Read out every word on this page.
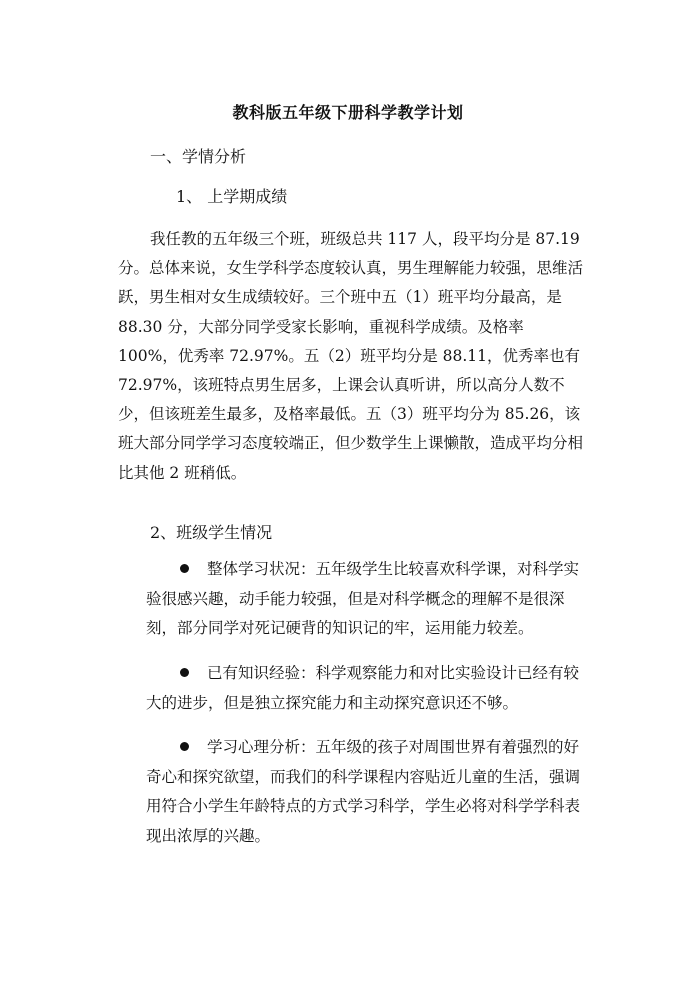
教科版五年级下册科学教学计划
一、学情分析
1、 上学期成绩
我任教的五年级三个班，班级总共 117 人，段平均分是 87.19 分。总体来说，女生学科学态度较认真，男生理解能力较强，思维活跃，男生相对女生成绩较好。三个班中五（1）班平均分最高，是 88.30 分，大部分同学受家长影响，重视科学成绩。及格率 100%，优秀率 72.97%。五（2）班平均分是 88.11，优秀率也有 72.97%，该班特点男生居多，上课会认真听讲，所以高分人数不少，但该班差生最多，及格率最低。五（3）班平均分为 85.26，该班大部分同学学习态度较端正，但少数学生上课懒散，造成平均分相比其他 2 班稍低。
2、班级学生情况
整体学习状况：五年级学生比较喜欢科学课，对科学实验很感兴趣，动手能力较强，但是对科学概念的理解不是很深刻，部分同学对死记硬背的知识记的牢，运用能力较差。
已有知识经验：科学观察能力和对比实验设计已经有较大的进步，但是独立探究能力和主动探究意识还不够。
学习心理分析：五年级的孩子对周围世界有着强烈的好奇心和探究欲望，而我们的科学课程内容贴近儿童的生活，强调用符合小学生年龄特点的方式学习科学，学生必将对科学学科表现出浓厚的兴趣。
